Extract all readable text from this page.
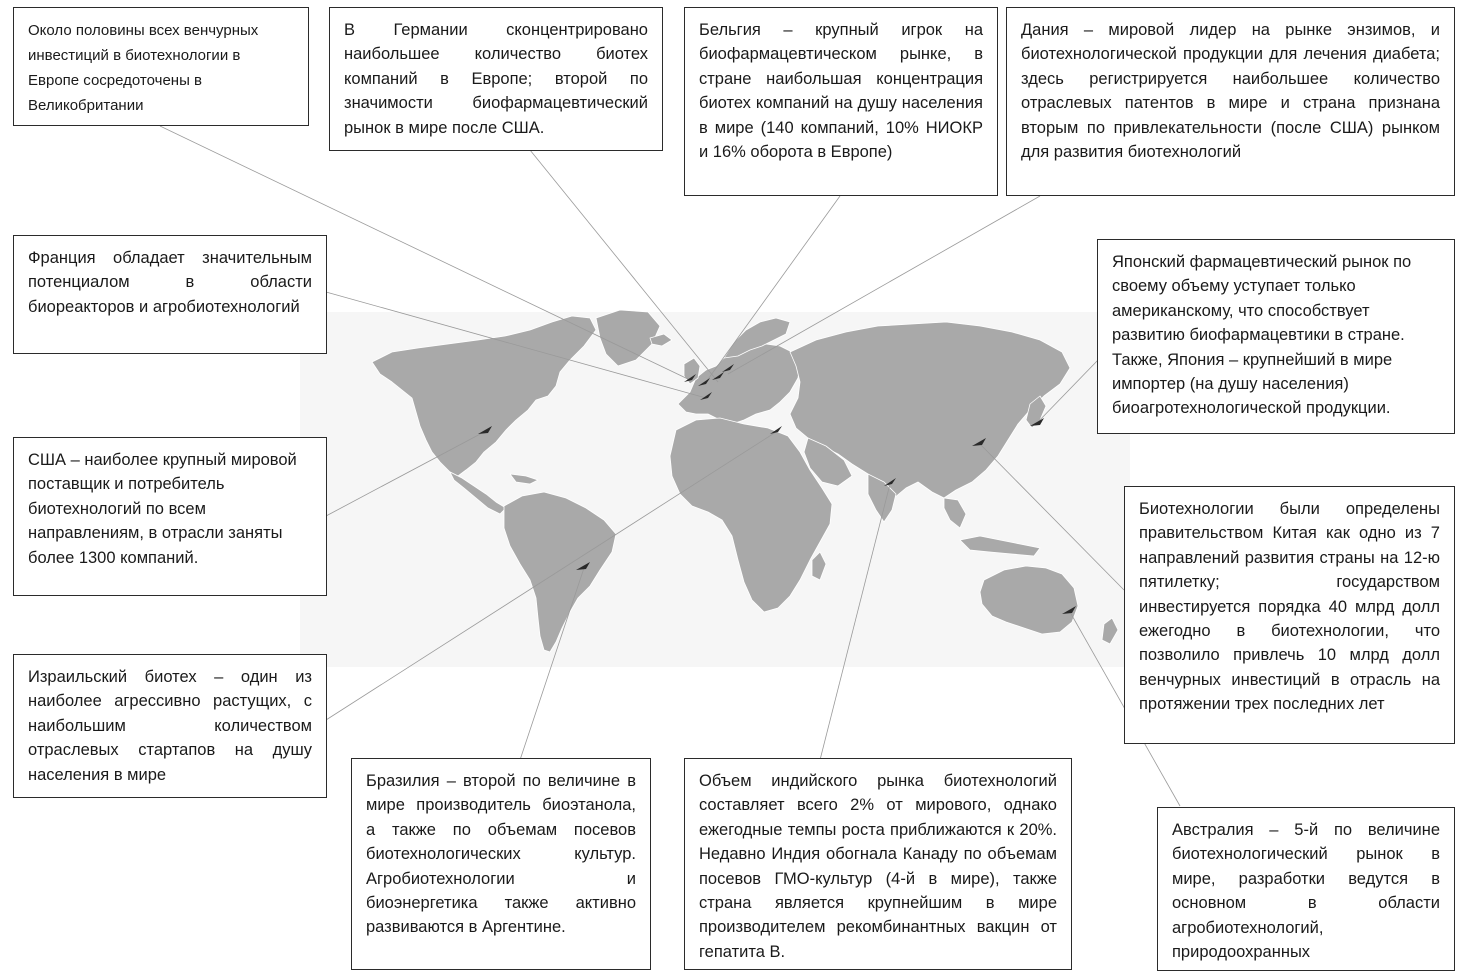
Около половины всех венчурных инвестиций в биотехнологии в Европе сосредоточены в Великобритании
В Германии сконцентрировано наибольшее количество биотех компаний в Европе; второй по значимости биофармацевтический рынок в мире после США.
Бельгия – крупный игрок на биофармацевтическом рынке, в стране наибольшая концентрация биотех компаний на душу населения в мире (140 компаний, 10% НИОКР и 16% оборота в Европе)
Дания – мировой лидер на рынке энзимов, и биотехнологической продукции для лечения диабета; здесь регистрируется наибольшее количество отраслевых патентов в мире и страна признана вторым по привлекательности (после США) рынком для развития биотехнологий
Франция обладает значительным потенциалом в области биореакторов и агробиотехнологий
Японский фармацевтический рынок по своему объему уступает только американскому, что способствует развитию биофармацевтики в стране. Также, Япония – крупнейший в мире импортер (на душу населения) биоагротехнологической продукции.
США – наиболее крупный мировой поставщик и потребитель биотехнологий по всем направлениям, в отрасли заняты более 1300 компаний.
Биотехнологии были определены правительством Китая как одно из 7 направлений развития страны на 12-ю пятилетку; государством инвестируется порядка 40 млрд долл ежегодно в биотехнологии, что позволило привлечь 10 млрд долл венчурных инвестиций в отрасль на протяжении трех последних лет
Израильский биотех – один из наиболее агрессивно растущих, с наибольшим количеством отраслевых стартапов на душу населения в мире	Бразилия – второй по величине в мире производитель биоэтанола, а также по объемам посевов биотехнологических культур. Агробиотехнологии и биоэнергетика также активно развиваются в Аргентине.
Объем индийского рынка биотехнологий составляет всего 2% от мирового, однако ежегодные темпы роста приближаются к 20%. Недавно Индия обогнала Канаду по объемам посевов ГМО-культур (4-й в мире), также страна является крупнейшим в мире производителем рекомбинантных вакцин от гепатита В.
Австралия – 5-й по величине биотехнологический рынок в мире, разработки ведутся в основном в области агробиотехнологий, природоохранных
